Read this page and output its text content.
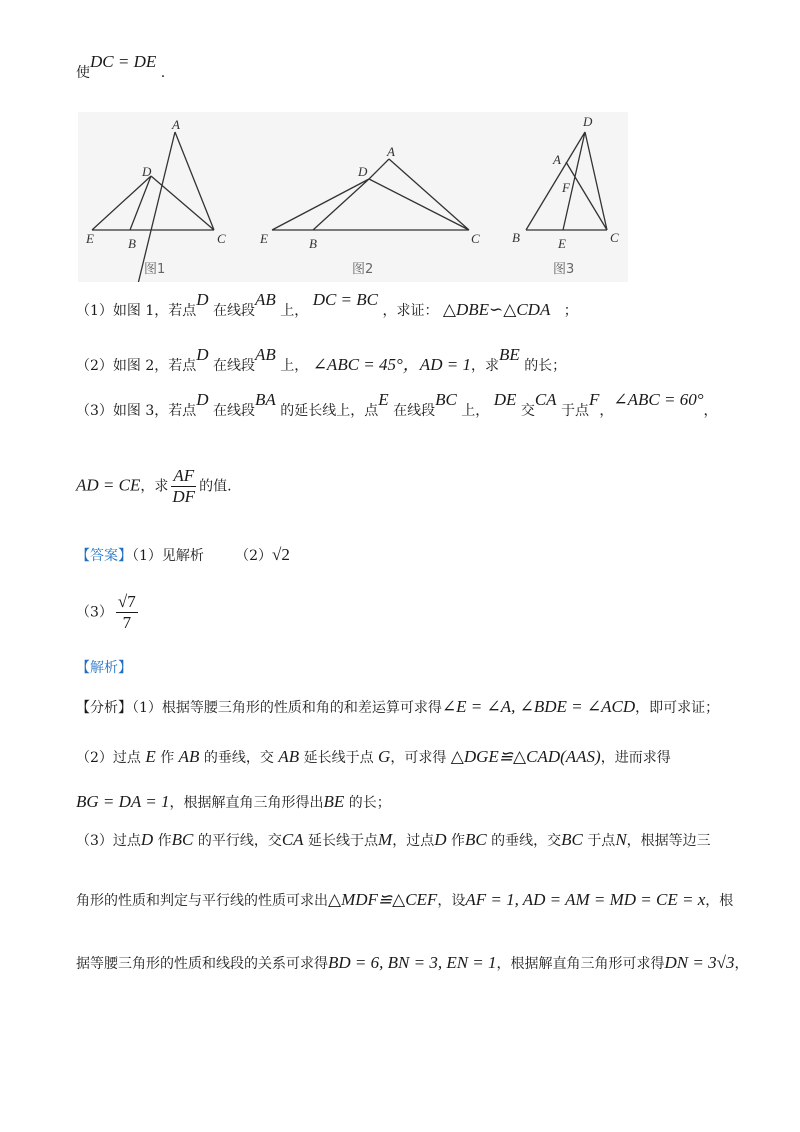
使DC = DE .
A
D
E	B	C
A
D
E	B	C
D
A
F
B	E	C
图1	图2	图3
（1）如图 1，若点D 在线段AB 上， DC = BC ，求证： △DBE∽△CDA ；
（2）如图 2，若点D 在线段AB 上， ∠ABC = 45°，AD = 1，求BE 的长；
（3）如图 3，若点D 在线段BA 的延长线上，点E 在线段BC 上， DE 交CA 于点F，∠ABC = 60°，
AD = CE，求 $\frac{AF}{DF}$ 的值.
【答案】（1）见解析 （2）√2
$(3) \frac{√7}{7}$
【解析】
【分析】（1）根据等腰三角形的性质和角的和差运算可求得∠E = ∠A, ∠BDE = ∠ACD，即可求证；
（2）过点 E 作 AB 的垂线，交 AB 延长线于点 G，可求得 △DGE≌△CAD(AAS)，进而求得
BG = DA = 1，根据解直角三角形得出BE 的长；
（3）过点D 作BC 的平行线，交CA 延长线于点M，过点D 作BC 的垂线，交BC 于点N，根据等边三
角形的性质和判定与平行线的性质可求出△MDF≌△CEF，设AF = 1, AD = AM = MD = CE = x，根
据等腰三角形的性质和线段的关系可求得BD = 6, BN = 3, EN = 1，根据解直角三角形可求得DN = 3√3，
